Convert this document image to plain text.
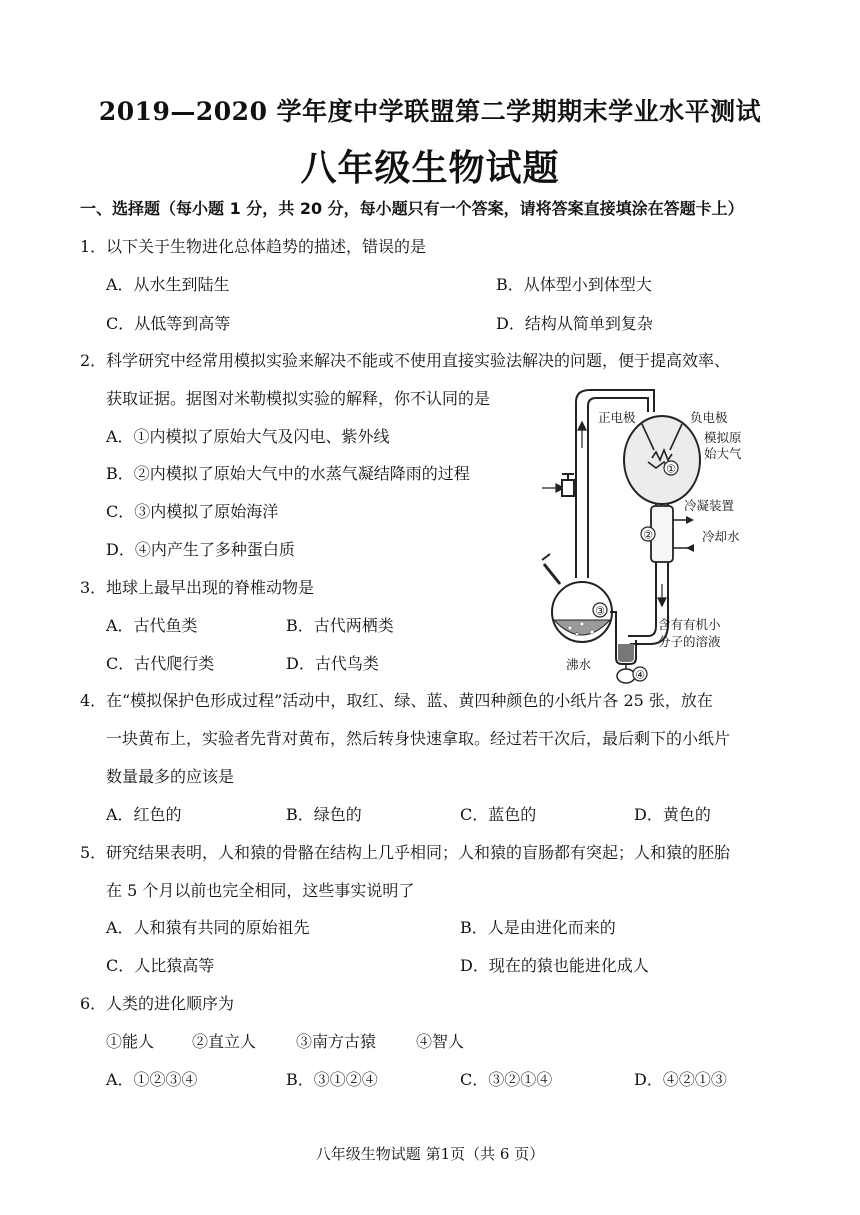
2019—2020 学年度中学联盟第二学期期末学业水平测试
八年级生物试题
一、选择题（每小题 1 分，共 20 分，每小题只有一个答案，请将答案直接填涂在答题卡上）
1．以下关于生物进化总体趋势的描述，错误的是
A．从水生到陆生	B．从体型小到体型大
C．从低等到高等	D．结构从简单到复杂
2．科学研究中经常用模拟实验来解决不能或不使用直接实验法解决的问题，便于提高效率、
获取证据。据图对米勒模拟实验的解释，你不认同的是
A．①内模拟了原始大气及闪电、紫外线
B．②内模拟了原始大气中的水蒸气凝结降雨的过程
C．③内模拟了原始海洋
D．④内产生了多种蛋白质
①
②
③
④
正电极	负电极
模拟原
始大气
冷凝装置
冷却水
沸水
含有有机小
分子的溶液
3．地球上最早出现的脊椎动物是
A．古代鱼类	B．古代两栖类
C．古代爬行类	D．古代鸟类
4．在“模拟保护色形成过程”活动中，取红、绿、蓝、黄四种颜色的小纸片各 25 张，放在
一块黄布上，实验者先背对黄布，然后转身快速拿取。经过若干次后，最后剩下的小纸片
数量最多的应该是
A．红色的	B．绿色的	C．蓝色的	D．黄色的
5．研究结果表明，人和猿的骨骼在结构上几乎相同；人和猿的盲肠都有突起；人和猿的胚胎
在 5 个月以前也完全相同，这些事实说明了
A．人和猿有共同的原始祖先	B．人是由进化而来的
C．人比猿高等	D．现在的猿也能进化成人
6．人类的进化顺序为
①能人 ②直立人 ③南方古猿 ④智人
A．①②③④	B．③①②④	C．③②①④	D．④②①③
八年级生物试题 第1页（共 6 页）
